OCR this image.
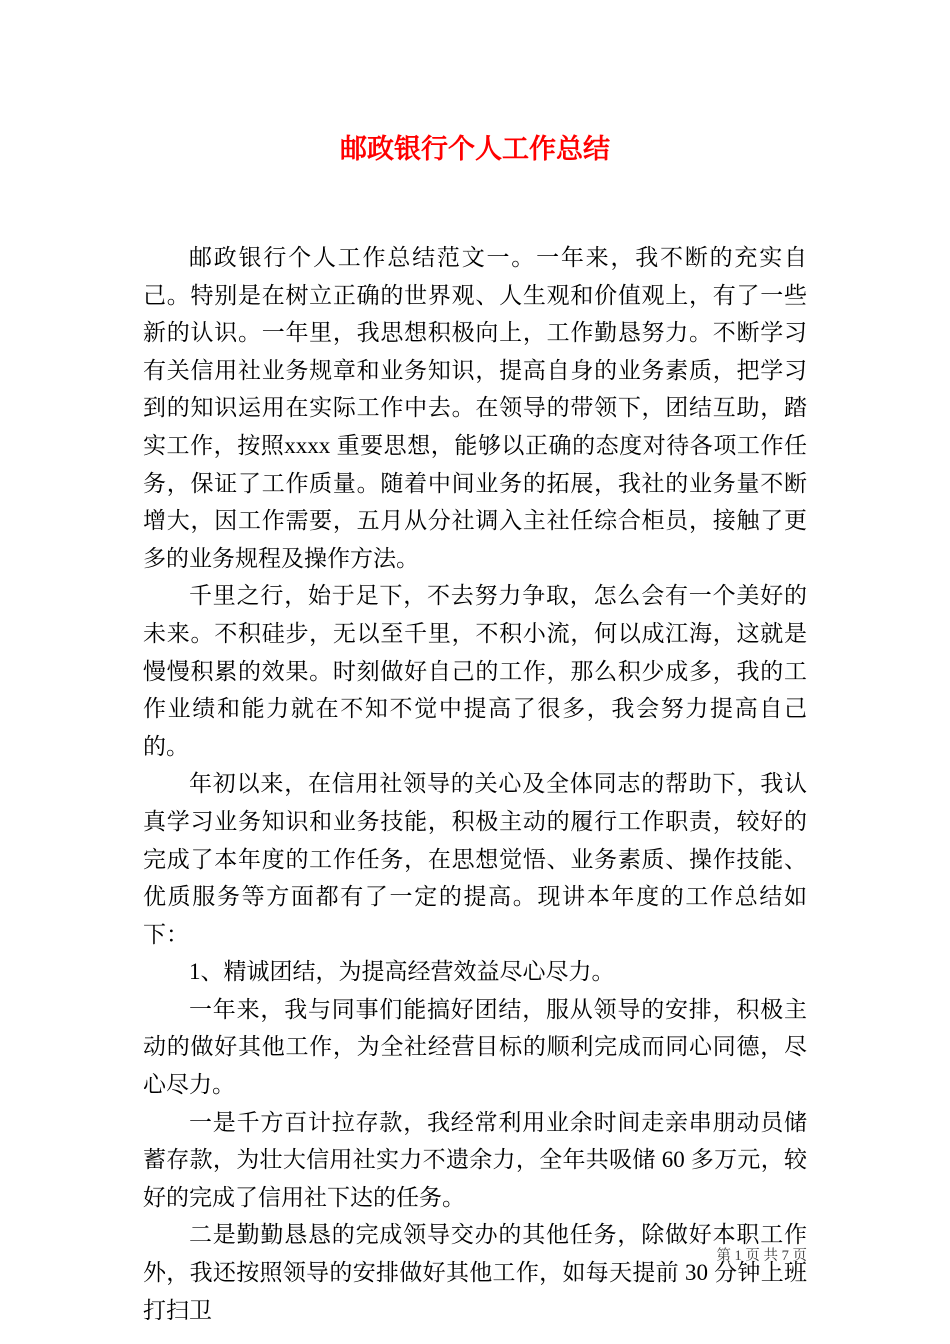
邮政银行个人工作总结

邮政银行个人工作总结范文一。一年来，我不断的充实自己。特别是在树立正确的世界观、人生观和价值观上，有了一些新的认识。一年里，我思想积极向上，工作勤恳努力。不断学习有关信用社业务规章和业务知识，提高自身的业务素质，把学习到的知识运用在实际工作中去。在领导的带领下，团结互助，踏实工作，按照xxxx 重要思想，能够以正确的态度对待各项工作任务，保证了工作质量。随着中间业务的拓展，我社的业务量不断增大，因工作需要，五月从分社调入主社任综合柜员，接触了更多的业务规程及操作方法。

千里之行，始于足下，不去努力争取，怎么会有一个美好的未来。不积硅步，无以至千里，不积小流，何以成江海，这就是慢慢积累的效果。时刻做好自己的工作，那么积少成多，我的工作业绩和能力就在不知不觉中提高了很多，我会努力提高自己的。

年初以来，在信用社领导的关心及全体同志的帮助下，我认真学习业务知识和业务技能，积极主动的履行工作职责，较好的完成了本年度的工作任务，在思想觉悟、业务素质、操作技能、优质服务等方面都有了一定的提高。现讲本年度的工作总结如下：

1、精诚团结，为提高经营效益尽心尽力。

一年来，我与同事们能搞好团结，服从领导的安排，积极主动的做好其他工作，为全社经营目标的顺利完成而同心同德，尽心尽力。

一是千方百计拉存款，我经常利用业余时间走亲串朋动员储蓄存款，为壮大信用社实力不遗余力，全年共吸储 60 多万元，较好的完成了信用社下达的任务。

二是勤勤恳恳的完成领导交办的其他任务，除做好本职工作外，我还按照领导的安排做好其他工作，如每天提前 30 分钟上班打扫卫

第 1 页 共 7 页
